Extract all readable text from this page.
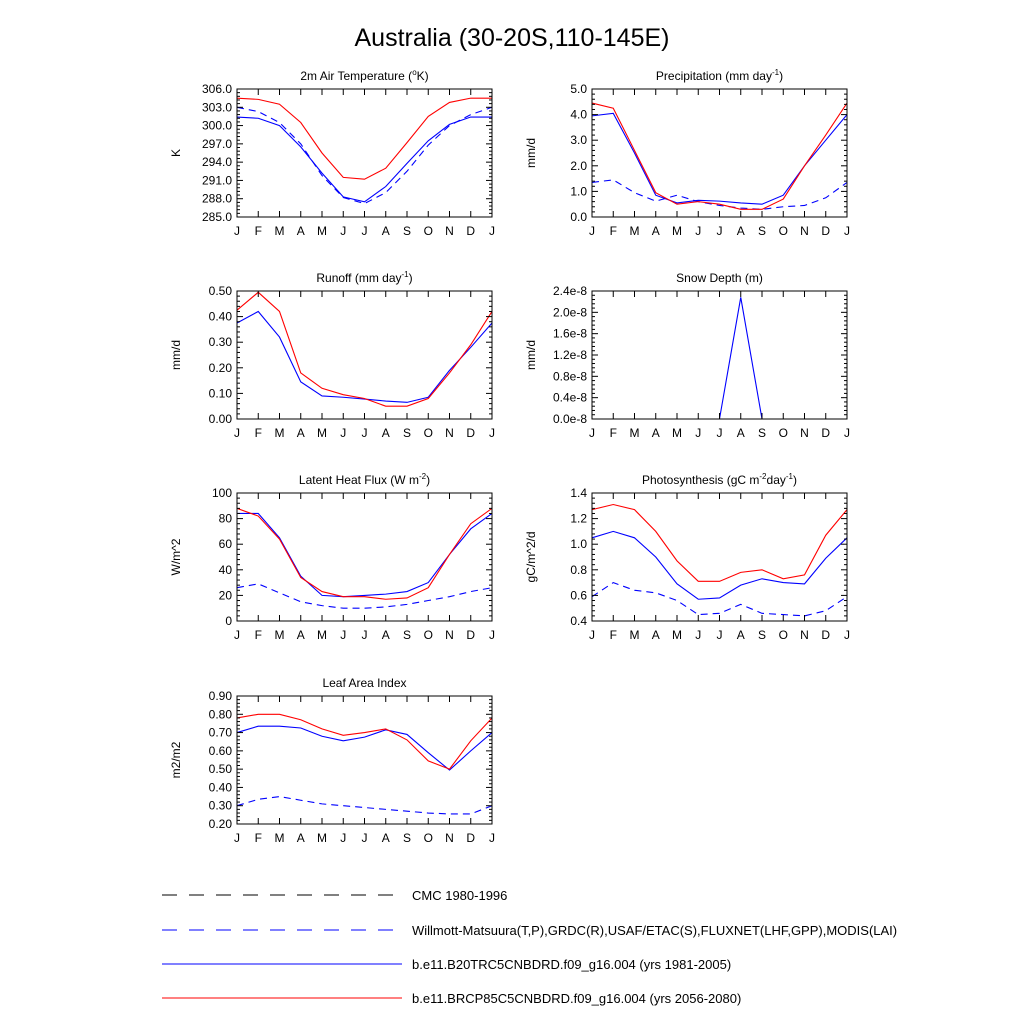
Australia (30-20S,110-145E)
2m Air Temperature ($^o$K)
K
J F M A M J J A S O N D J
285.0
288.0
291.0
294.0
297.0
300.0
303.0
306.0
Precipitation (mm day$^{-1}$)
mm/d
J F M A M J J A S O N D J
0.0
1.0
2.0
3.0
4.0
5.0
Runoff (mm day$^{-1}$)
mm/d
J F M A M J J A S O N D J
0.00
0.10
0.20
0.30
0.40
0.50
Snow Depth (m)
mm/d
J F M A M J J A S O N D J
0.0e-8
0.4e-8
0.8e-8
1.2e-8
1.6e-8
2.0e-8
2.4e-8
Latent Heat Flux (W $m^{-2}$)
W/m^2
J F M A M J J A S O N D J
0
20
40
60
80
100
Photosynthesis (gC $m^{-2}day^{-1}$)
gC/m^2/d
J F M A M J J A S O N D J
0.4
0.6
0.8
1.0
1.2
1.4
Leaf Area Index
m2/m2
J F M A M J J A S O N D J
0.20
0.30
0.40
0.50
0.60
0.70
0.80
0.90
CMC 1980-1996
Willmott-Matsuura(T,P),GRDC(R),USAF/ETAC(S),FLUXNET(LHF,GPP),MODIS(LAI)
b.e11.B20TRC5CNBDRD.f09_g16.004 (yrs 1981-2005)
b.e11.BRCP85C5CNBDRD.f09_g16.004 (yrs 2056-2080)
